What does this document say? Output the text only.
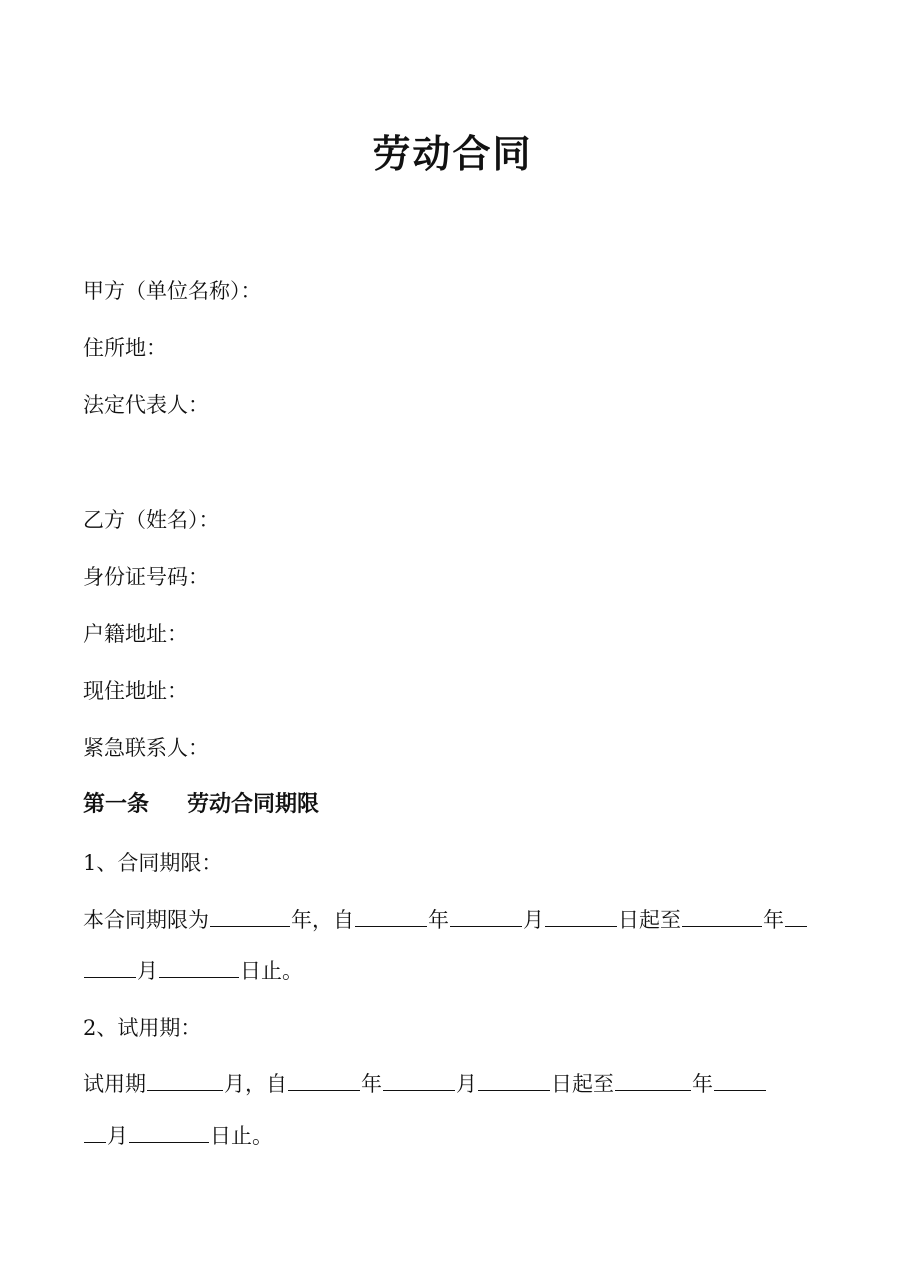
劳动合同
甲方（单位名称）：
住所地：
法定代表人：
乙方（姓名）：
身份证号码：
户籍地址：
现住地址：
紧急联系人：
第一条 劳动合同期限
1、合同期限：
本合同期限为	年，自	年	月	日起至	年
月	日止。
2、试用期：
试用期	月，自	年	月	日起至	年
月	日止。
